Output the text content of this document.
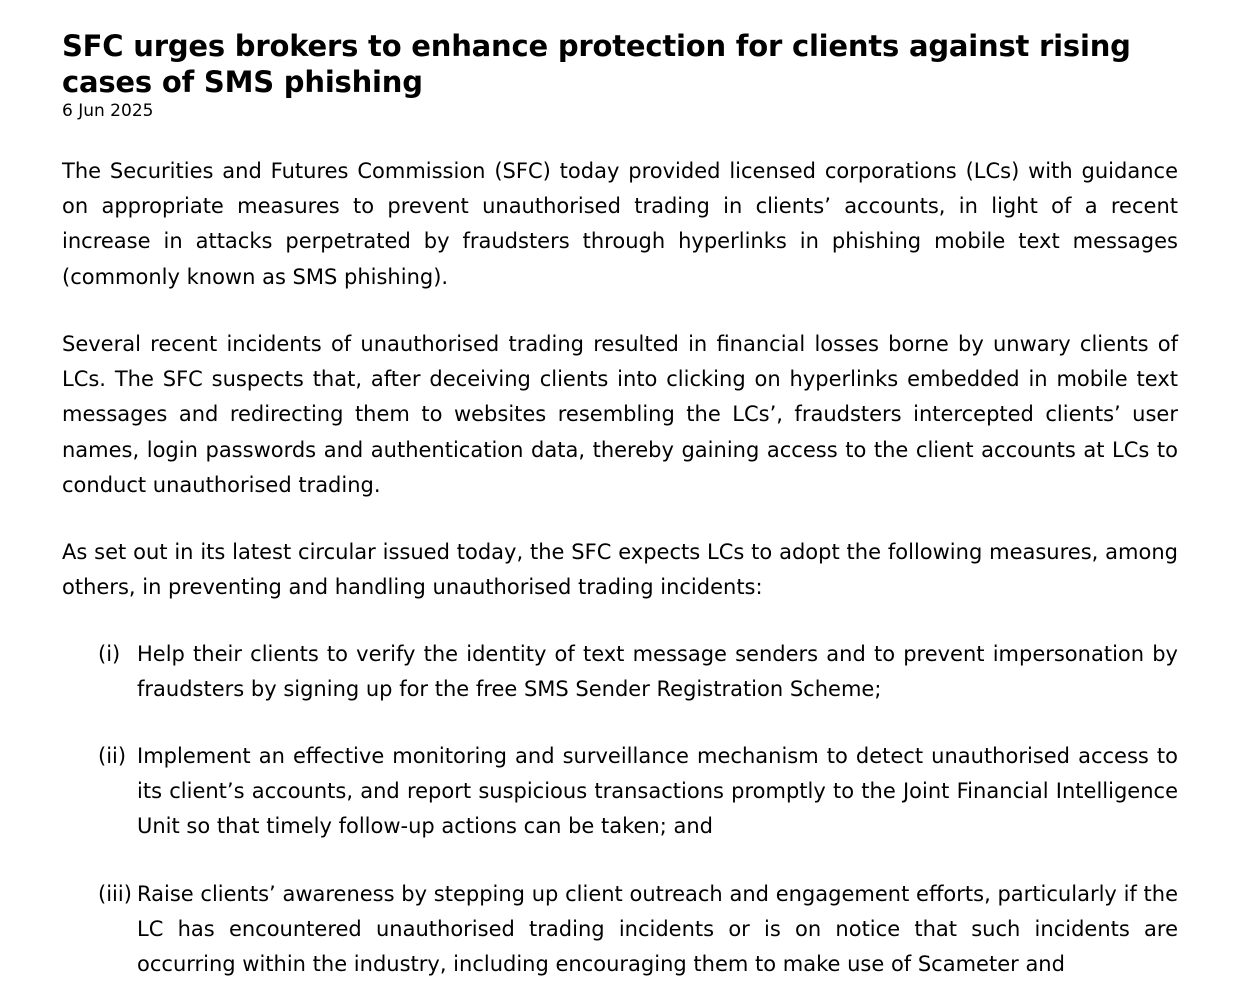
SFC urges brokers to enhance protection for clients against rising cases of SMS phishing
6 Jun 2025

The Securities and Futures Commission (SFC) today provided licensed corporations (LCs) with guidance on appropriate measures to prevent unauthorised trading in clients’ accounts, in light of a recent increase in attacks perpetrated by fraudsters through hyperlinks in phishing mobile text messages (commonly known as SMS phishing).

Several recent incidents of unauthorised trading resulted in financial losses borne by unwary clients of LCs. The SFC suspects that, after deceiving clients into clicking on hyperlinks embedded in mobile text messages and redirecting them to websites resembling the LCs’, fraudsters intercepted clients’ user names, login passwords and authentication data, thereby gaining access to the client accounts at LCs to conduct unauthorised trading.

As set out in its latest circular issued today, the SFC expects LCs to adopt the following measures, among others, in preventing and handling unauthorised trading incidents:

(i) Help their clients to verify the identity of text message senders and to prevent impersonation by fraudsters by signing up for the free SMS Sender Registration Scheme;

(ii) Implement an effective monitoring and surveillance mechanism to detect unauthorised access to its client’s accounts, and report suspicious transactions promptly to the Joint Financial Intelligence Unit so that timely follow-up actions can be taken; and

(iii) Raise clients’ awareness by stepping up client outreach and engagement efforts, particularly if the LC has encountered unauthorised trading incidents or is on notice that such incidents are occurring within the industry, including encouraging them to make use of Scameter and
